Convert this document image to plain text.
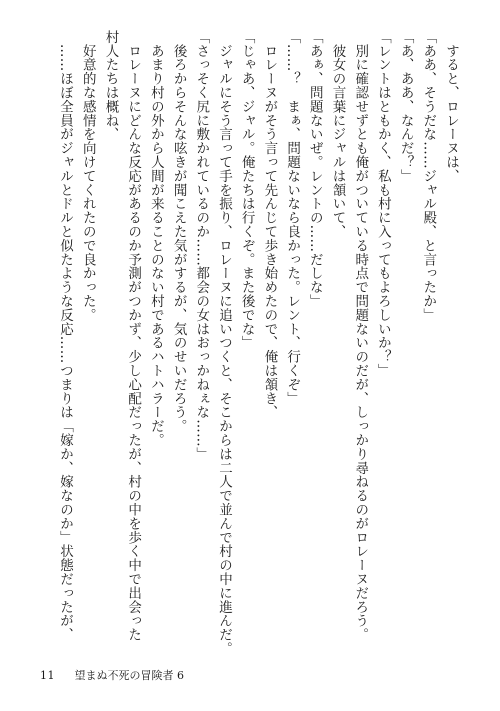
　すると、ロレーヌは、
「ああ、そうだな……ジャル殿、と言ったか」
「あ、ああ、なんだ？」
「レントはともかく、私も村に入ってもよろしいか？」
　別に確認せずとも俺がついている時点で問題ないのだが、しっかり尋ねるのがロレーヌだろう。
　彼女の言葉にジャルは頷いて、
「あぁ、問題ないぜ。レントの……だしな」
「……？　まぁ、問題ないなら良かった。レント、行くぞ」
　ロレーヌがそう言って先んじて歩き始めたので、俺は頷き、
「じゃあ、ジャル。俺たちは行くぞ。また後でな」
　ジャルにそう言って手を振り、ロレーヌに追いつくと、そこからは二人で並んで村の中に進んだ。
「さっそく尻に敷かれているのか……都会の女はおっかねぇな……」
　後ろからそんな呟きが聞こえた気がするが、気のせいだろう。
　あまり村の外から人間が来ることのない村であるハトハラーだ。
　ロレーヌにどんな反応があるのか予測がつかず、少し心配だったが、村の中を歩く中で出会った
村人たちは概ね、
　好意的な感情を向けてくれたので良かった。
　……ほぼ全員がジャルとドルと似たような反応……つまりは「嫁か、嫁なのか」状態だったが、
11 望まぬ不死の冒険者 6
